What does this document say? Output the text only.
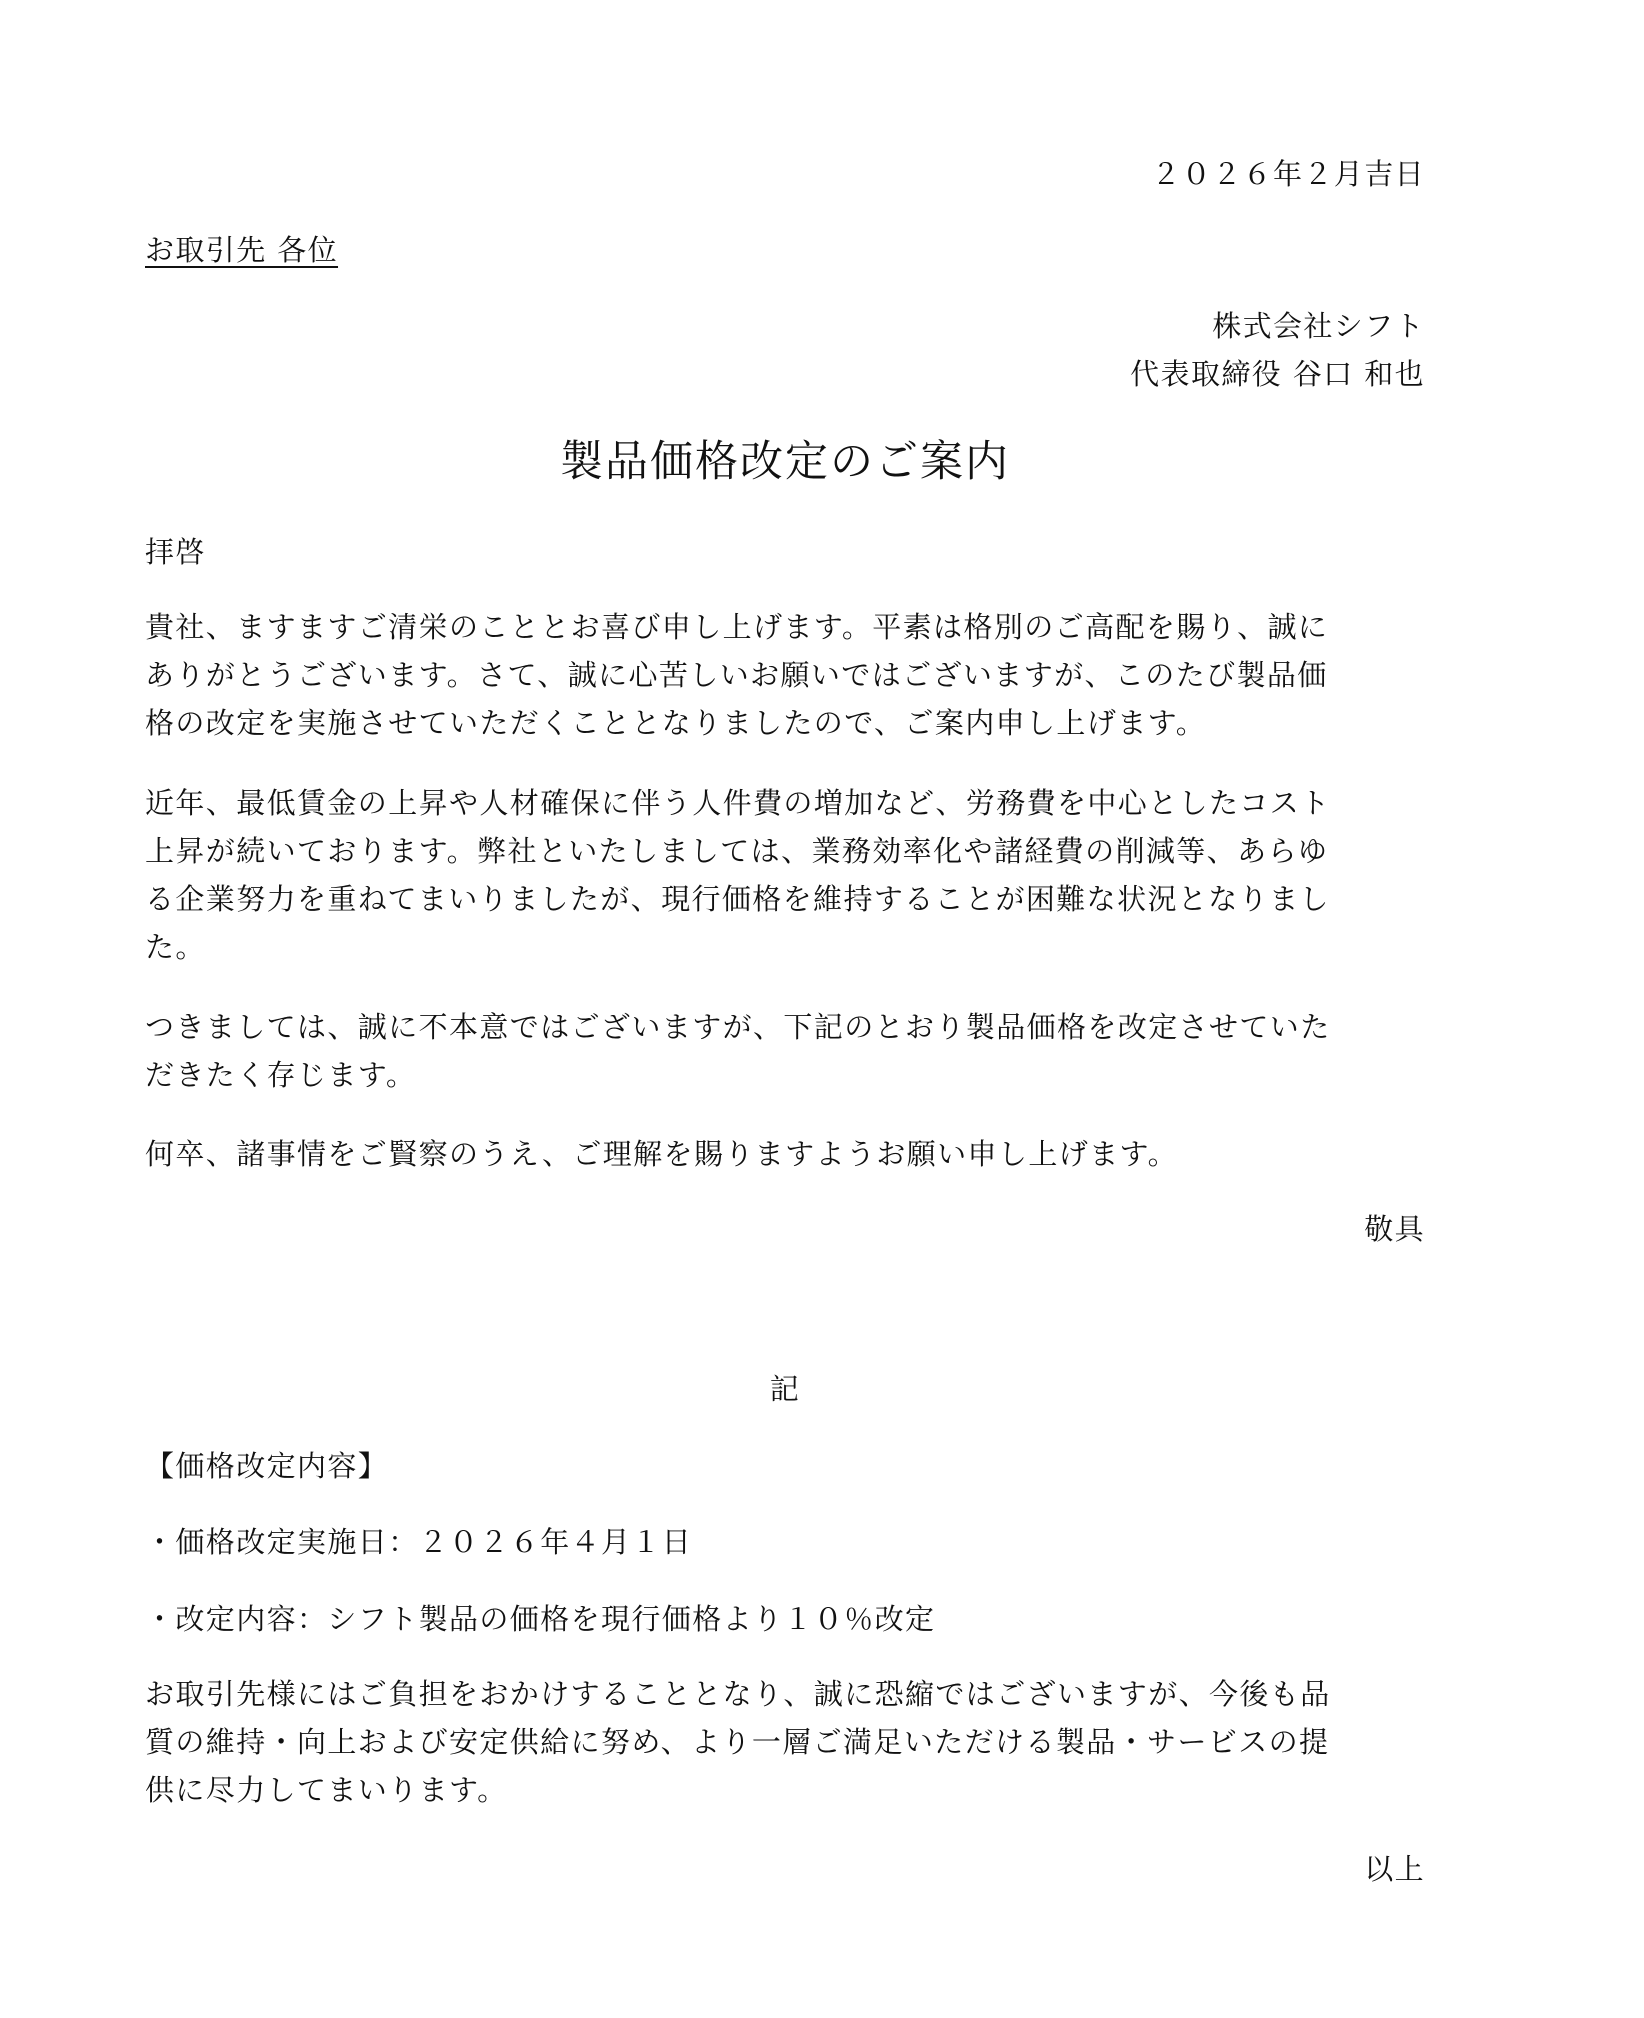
２０２６年２月吉日
お取引先 各位
株式会社シフト
代表取締役 谷口 和也
製品価格改定のご案内
拝啓
貴社、ますますご清栄のこととお喜び申し上げます。平素は格別のご高配を賜り、誠に
ありがとうございます。さて、誠に心苦しいお願いではございますが、このたび製品価
格の改定を実施させていただくこととなりましたので、ご案内申し上げます。
近年、最低賃金の上昇や人材確保に伴う人件費の増加など、労務費を中心としたコスト
上昇が続いております。弊社といたしましては、業務効率化や諸経費の削減等、あらゆ
る企業努力を重ねてまいりましたが、現行価格を維持することが困難な状況となりまし
た。
つきましては、誠に不本意ではございますが、下記のとおり製品価格を改定させていた
だきたく存じます。
何卒、諸事情をご賢察のうえ、ご理解を賜りますようお願い申し上げます。
敬具
記
【価格改定内容】
・価格改定実施日：２０２６年４月１日
・改定内容：シフト製品の価格を現行価格より１０％改定
お取引先様にはご負担をおかけすることとなり、誠に恐縮ではございますが、今後も品
質の維持・向上および安定供給に努め、より一層ご満足いただける製品・サービスの提
供に尽力してまいります。
以上
